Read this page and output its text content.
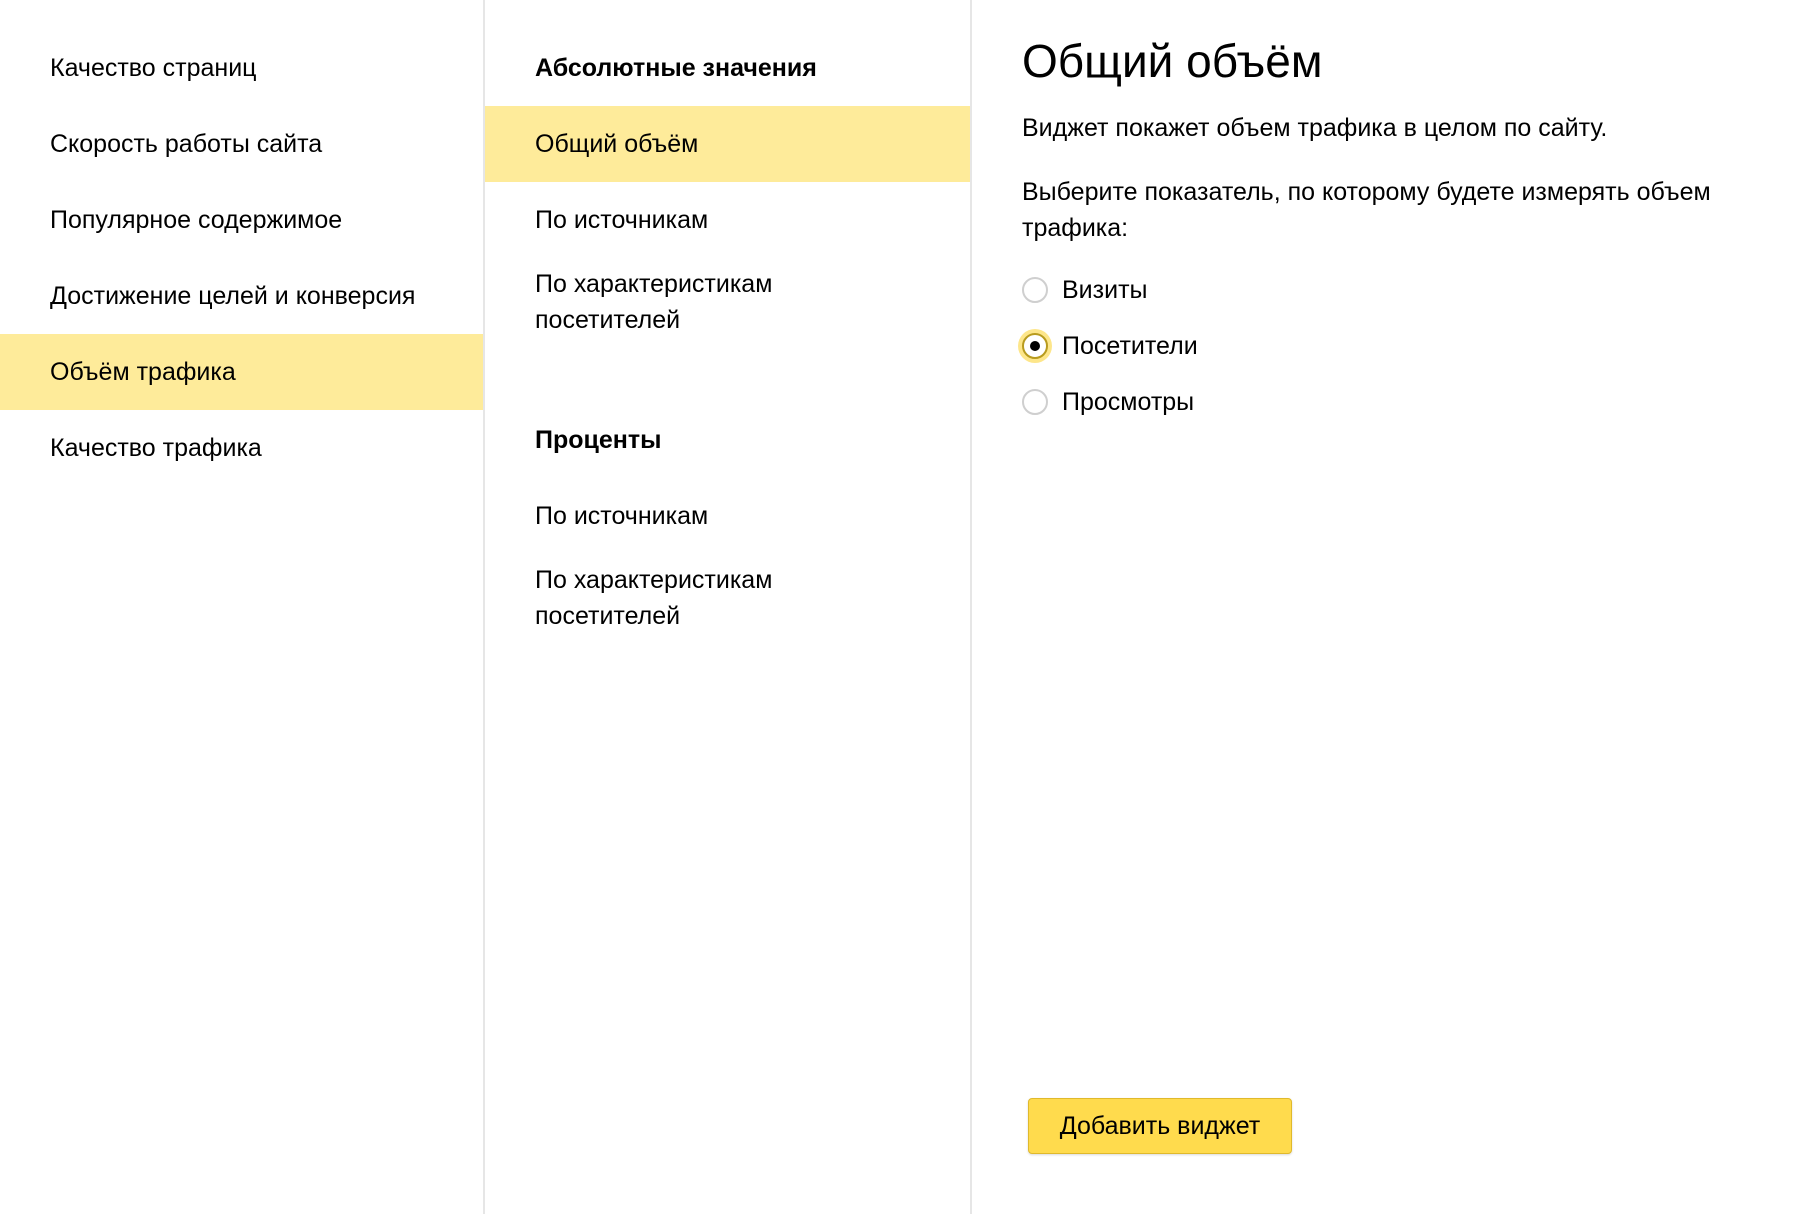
Качество страниц
Скорость работы сайта
Популярное содержимое
Достижение целей и конверсия
Объём трафика
Качество трафика
Абсолютные значения
Общий объём
По источникам
По характеристикам посетителей
Проценты
По источникам
По характеристикам посетителей
Общий объём

Виджет покажет объем трафика в целом по сайту.

Выберите показатель, по которому будете измерять объем трафика:

Визиты
Посетители
Просмотры
Добавить виджет
